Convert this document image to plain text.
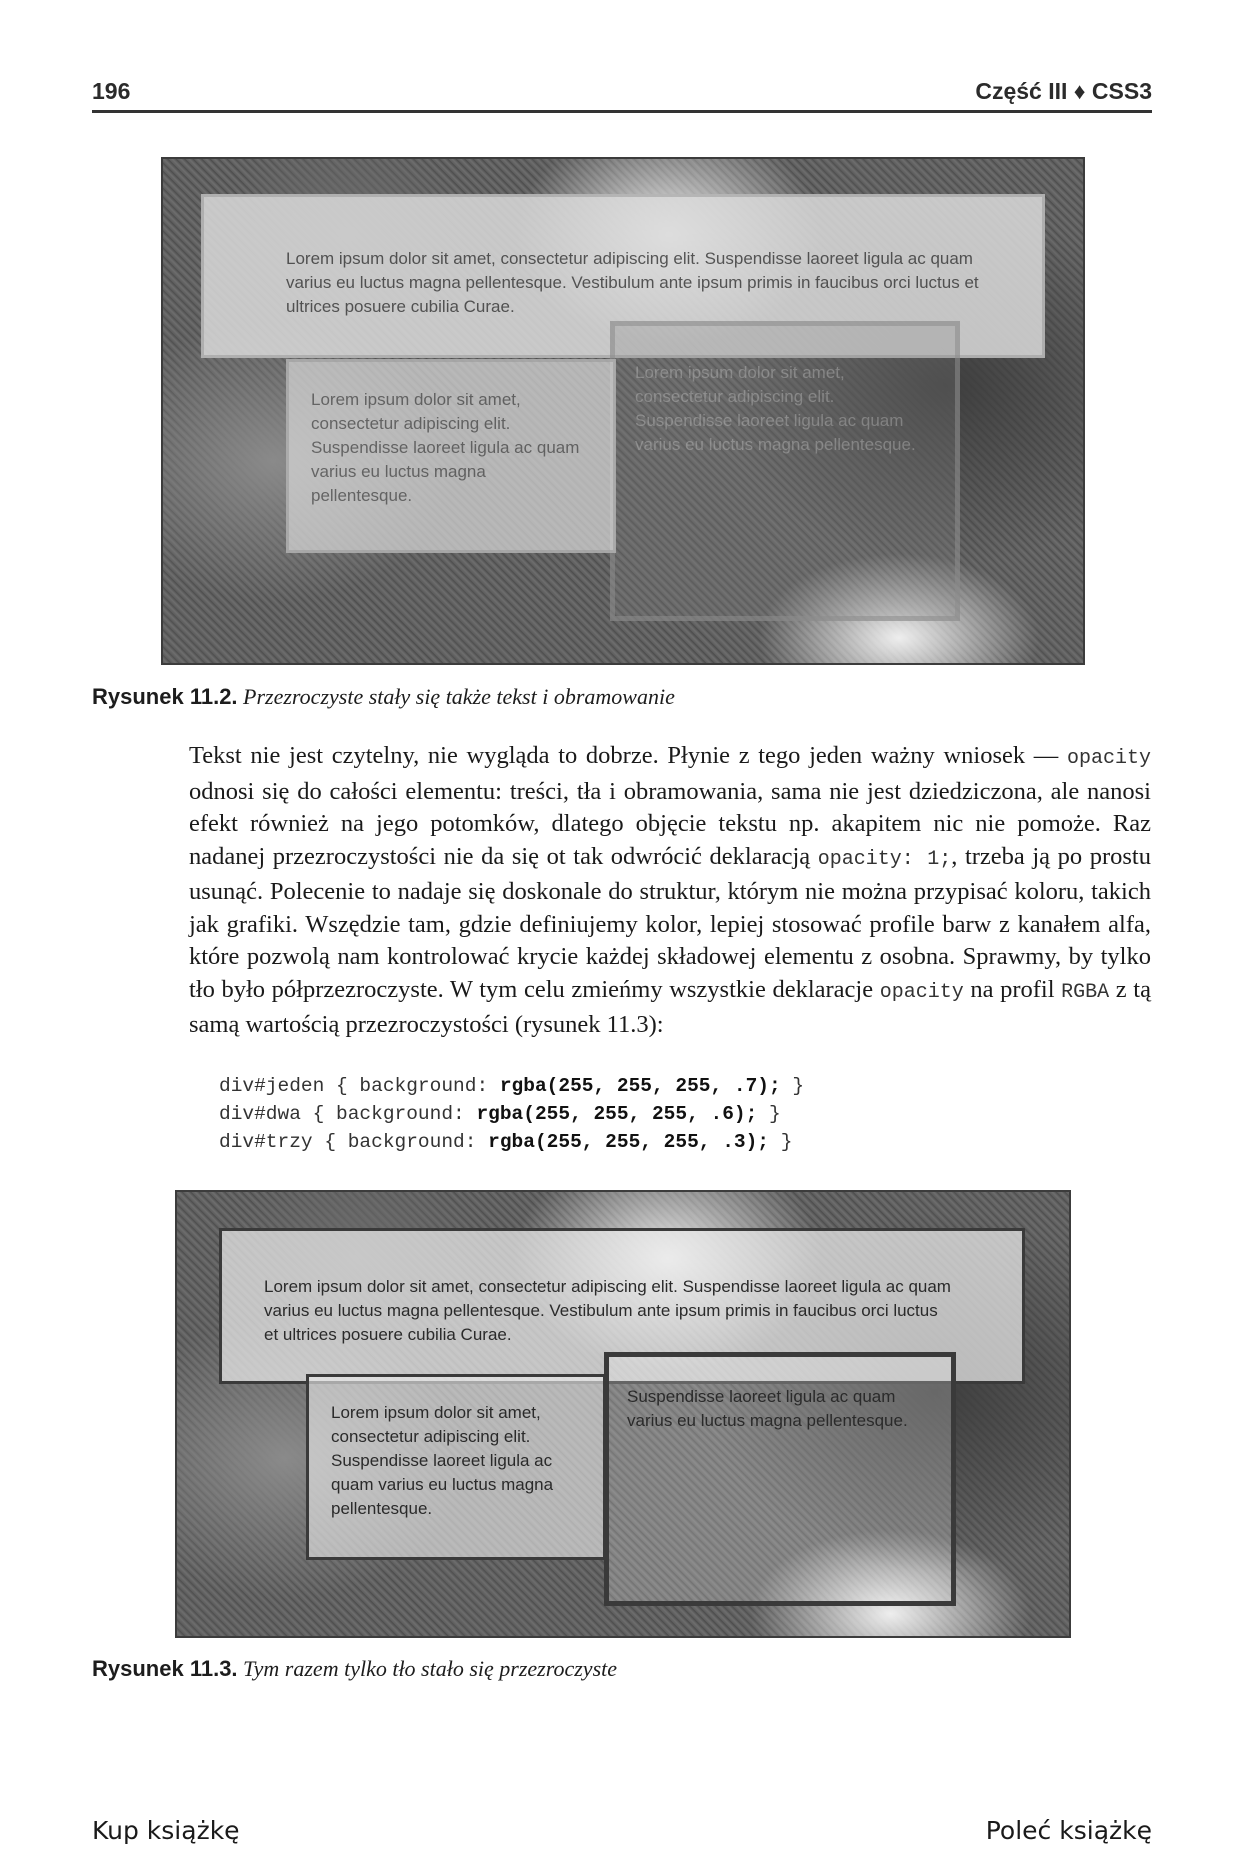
196	Część III ♦ CSS3

Lorem ipsum dolor sit amet, consectetur adipiscing elit. Suspendisse laoreet ligula ac quam varius eu luctus magna pellentesque. Vestibulum ante ipsum primis in faucibus orci luctus et ultrices posuere cubilia Curae.

Lorem ipsum dolor sit amet, consectetur adipiscing elit. Suspendisse laoreet ligula ac quam varius eu luctus magna pellentesque.

Lorem ipsum dolor sit amet, consectetur adipiscing elit. Suspendisse laoreet ligula ac quam varius eu luctus magna pellentesque.

Rysunek 11.2. Przezroczyste stały się także tekst i obramowanie

Tekst nie jest czytelny, nie wygląda to dobrze. Płynie z tego jeden ważny wniosek — opacity odnosi się do całości elementu: treści, tła i obramowania, sama nie jest dziedziczona, ale nanosi efekt również na jego potomków, dlatego objęcie tekstu np. akapitem nic nie pomoże. Raz nadanej przezroczystości nie da się ot tak odwrócić deklaracją opacity: 1;, trzeba ją po prostu usunąć. Polecenie to nadaje się doskonale do struktur, którym nie można przypisać koloru, takich jak grafiki. Wszędzie tam, gdzie definiujemy kolor, lepiej stosować profile barw z kanałem alfa, które pozwolą nam kontrolować krycie każdej składowej elementu z osobna. Sprawmy, by tylko tło było półprzezroczyste. W tym celu zmieńmy wszystkie deklaracje opacity na profil RGBA z tą samą wartością przezroczystości (rysunek 11.3):

div#jeden { background: rgba(255, 255, 255, .7); }
div#dwa { background: rgba(255, 255, 255, .6); }
div#trzy { background: rgba(255, 255, 255, .3); }

Lorem ipsum dolor sit amet, consectetur adipiscing elit. Suspendisse laoreet ligula ac quam varius eu luctus magna pellentesque. Vestibulum ante ipsum primis in faucibus orci luctus et ultrices posuere cubilia Curae.

Suspendisse laoreet ligula ac quam varius eu luctus magna pellentesque.

Lorem ipsum dolor sit amet, consectetur adipiscing elit. Suspendisse laoreet ligula ac quam varius eu luctus magna pellentesque.

Rysunek 11.3. Tym razem tylko tło stało się przezroczyste
Kup książkę	Poleć książkę
